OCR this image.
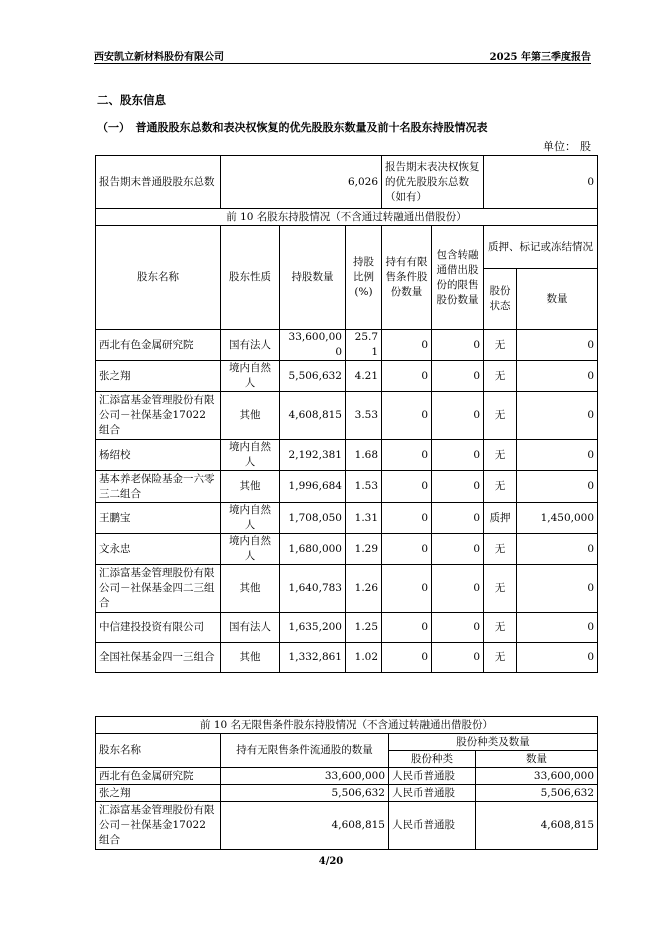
西安凯立新材料股份有限公司	2025 年第三季度报告
二、股东信息
（一）　普通股股东总数和表决权恢复的优先股股东数量及前十名股东持股情况表
单位： 股
报告期末普通股股东总数	6,026			报告期末表决权恢复的优先股股东总数（如有）		0	
前 10 名股东持股情况（不含通过转融通出借股份）							
股东名称	股东性质	持股数量	持股比例(%)	持有有限售条件股份数量	包含转融通借出股份的限售股份数量	质押、标记或冻结情况	
						股份状态	数量
西北有色金属研究院	国有法人	33,600,000	25.71	0	0	无	0
张之翔	境内自然人	5,506,632	4.21	0	0	无	0
汇添富基金管理股份有限公司－社保基金17022 组合	其他	4,608,815	3.53	0	0	无	0
杨绍校	境内自然人	2,192,381	1.68	0	0	无	0
基本养老保险基金一六零三二组合	其他	1,996,684	1.53	0	0	无	0
王鹏宝	境内自然人	1,708,050	1.31	0	0	质押	1,450,000
文永忠	境内自然人	1,680,000	1.29	0	0	无	0
汇添富基金管理股份有限公司－社保基金四二三组合	其他	1,640,783	1.26	0	0	无	0
中信建投投资有限公司	国有法人	1,635,200	1.25	0	0	无	0
全国社保基金四一三组合	其他	1,332,861	1.02	0	0	无	0
前 10 名无限售条件股东持股情况（不含通过转融通出借股份）			
股东名称	持有无限售条件流通股的数量	股份种类及数量	
		股份种类	数量
西北有色金属研究院	33,600,000	人民币普通股	33,600,000
张之翔	5,506,632	人民币普通股	5,506,632
汇添富基金管理股份有限公司－社保基金17022 组合	4,608,815	人民币普通股	4,608,815
4/20
